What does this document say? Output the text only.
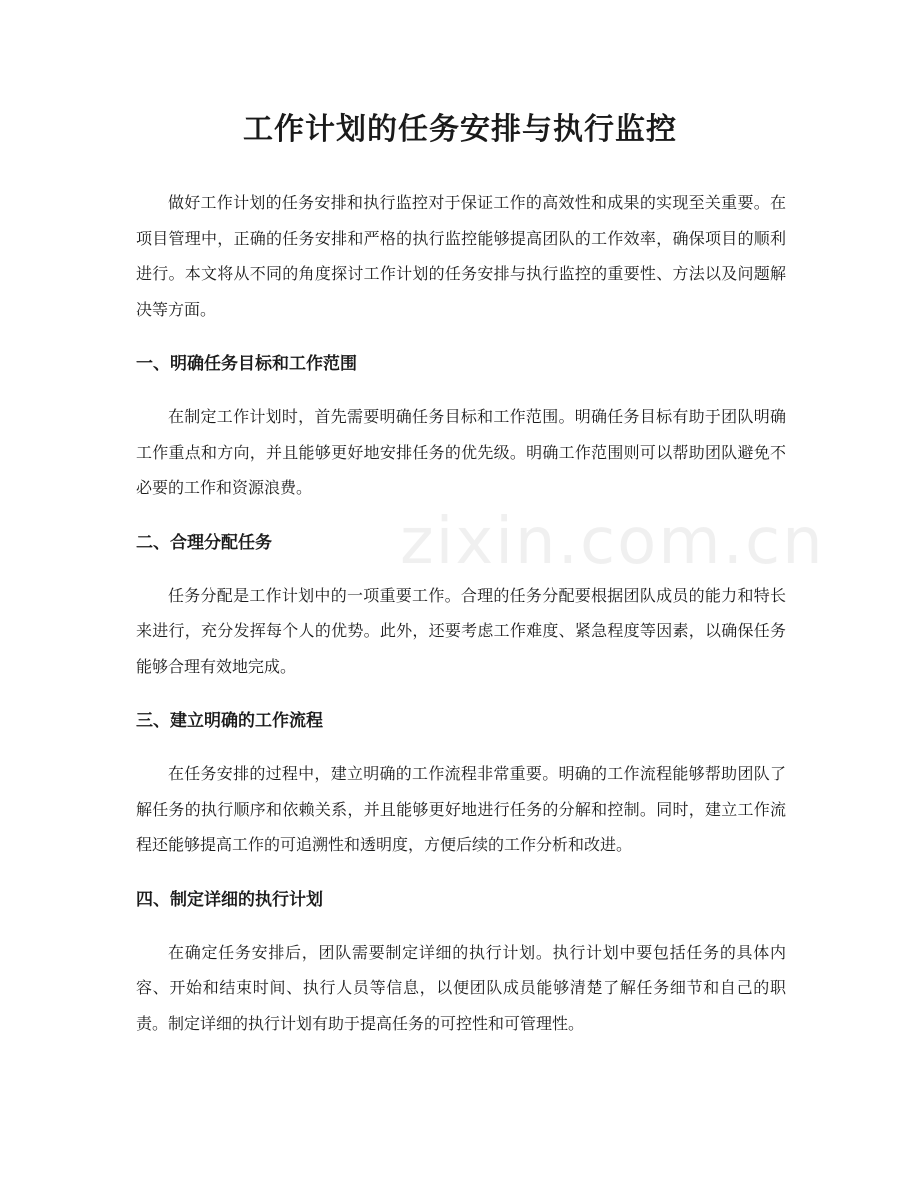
工作计划的任务安排与执行监控
zixin.com.cn

做好工作计划的任务安排和执行监控对于保证工作的高效性和成果的实现至关重要。在项目管理中，正确的任务安排和严格的执行监控能够提高团队的工作效率，确保项目的顺利进行。本文将从不同的角度探讨工作计划的任务安排与执行监控的重要性、方法以及问题解决等方面。

一、明确任务目标和工作范围

在制定工作计划时，首先需要明确任务目标和工作范围。明确任务目标有助于团队明确工作重点和方向，并且能够更好地安排任务的优先级。明确工作范围则可以帮助团队避免不必要的工作和资源浪费。

二、合理分配任务

任务分配是工作计划中的一项重要工作。合理的任务分配要根据团队成员的能力和特长来进行，充分发挥每个人的优势。此外，还要考虑工作难度、紧急程度等因素，以确保任务能够合理有效地完成。

三、建立明确的工作流程

在任务安排的过程中，建立明确的工作流程非常重要。明确的工作流程能够帮助团队了解任务的执行顺序和依赖关系，并且能够更好地进行任务的分解和控制。同时，建立工作流程还能够提高工作的可追溯性和透明度，方便后续的工作分析和改进。

四、制定详细的执行计划

在确定任务安排后，团队需要制定详细的执行计划。执行计划中要包括任务的具体内容、开始和结束时间、执行人员等信息，以便团队成员能够清楚了解任务细节和自己的职责。制定详细的执行计划有助于提高任务的可控性和可管理性。
